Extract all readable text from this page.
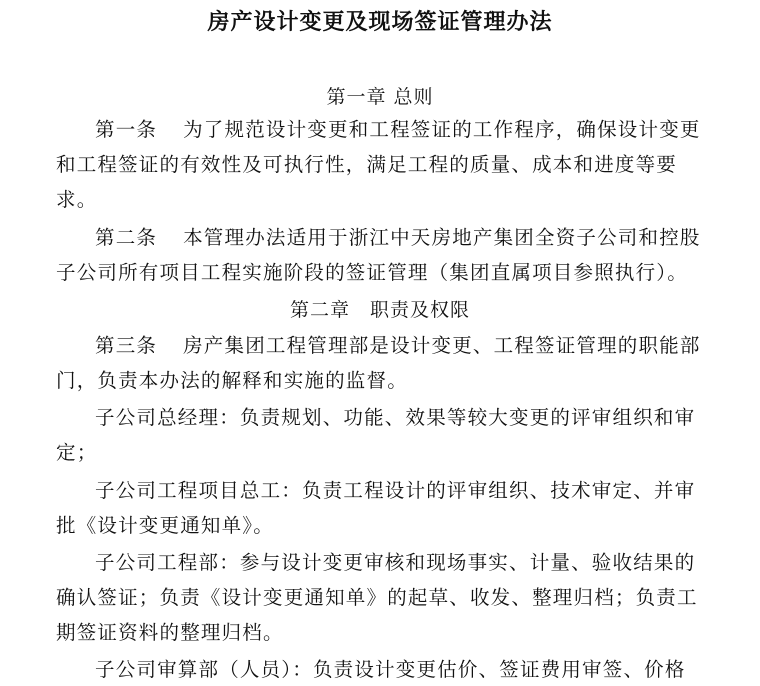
房产设计变更及现场签证管理办法
第一章 总则
第一条 为了规范设计变更和工程签证的工作程序，确保设计变更
和工程签证的有效性及可执行性，满足工程的质量、成本和进度等要
求。
第二条 本管理办法适用于浙江中天房地产集团全资子公司和控股
子公司所有项目工程实施阶段的签证管理（集团直属项目参照执行）。
第二章　职责及权限
第三条 房产集团工程管理部是设计变更、工程签证管理的职能部
门，负责本办法的解释和实施的监督。
子公司总经理：负责规划、功能、效果等较大变更的评审组织和审
定；
子公司工程项目总工：负责工程设计的评审组织、技术审定、并审
批《设计变更通知单》。
子公司工程部：参与设计变更审核和现场事实、计量、验收结果的
确认签证；负责《设计变更通知单》的起草、收发、整理归档；负责工
期签证资料的整理归档。
子公司审算部（人员）：负责设计变更估价、签证费用审签、价格
